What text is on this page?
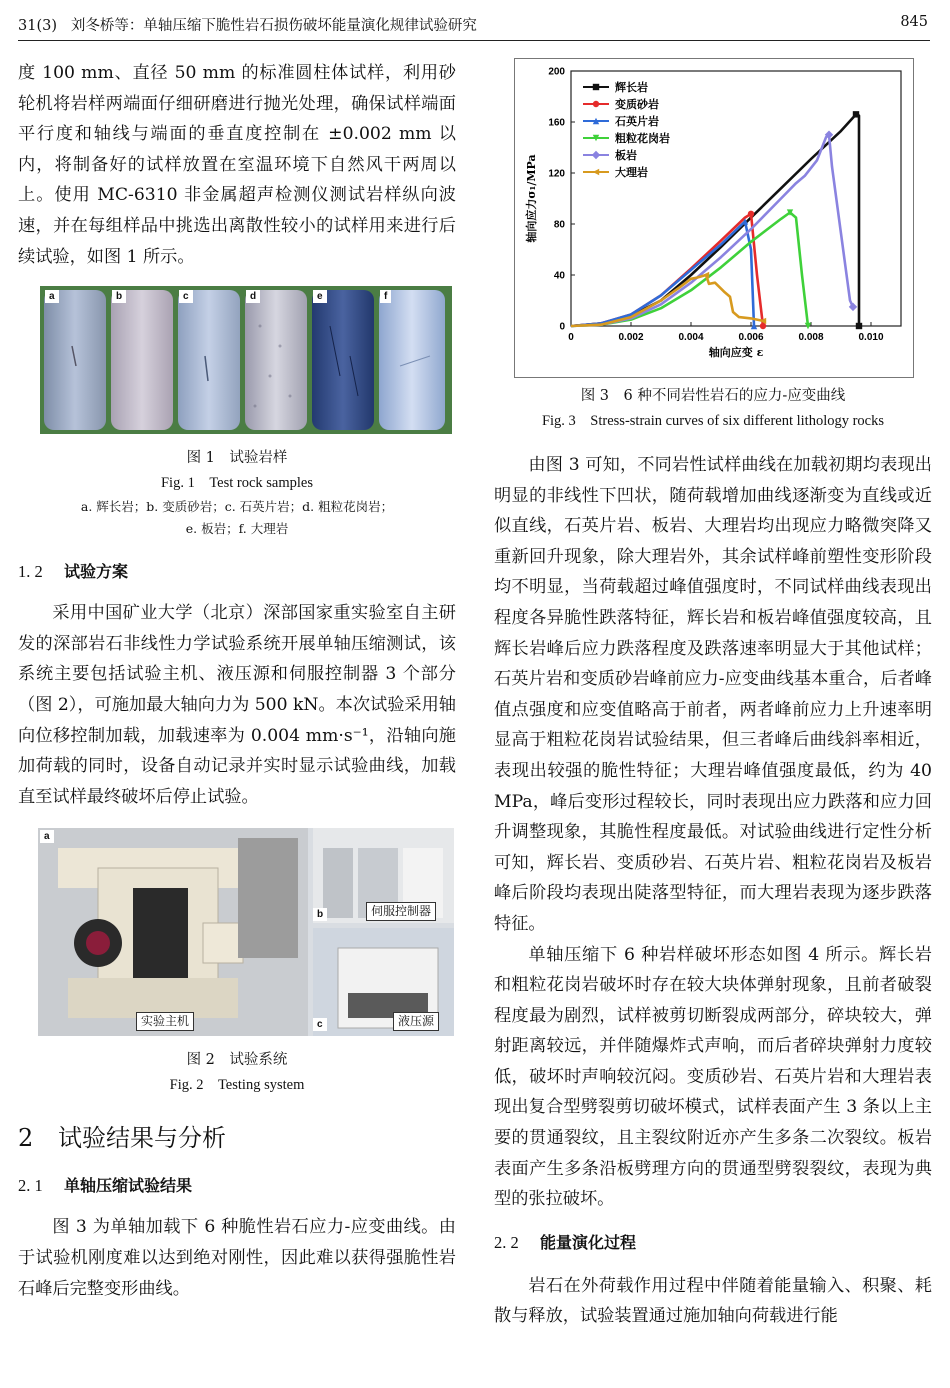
31(3)   刘冬桥等：单轴压缩下脆性岩石损伤破坏能量演化规律试验研究	845

度 100 mm、直径 50 mm 的标准圆柱体试样，利用砂轮机将岩样两端面仔细研磨进行抛光处理，确保试样端面平行度和轴线与端面的垂直度控制在 ±0.002 mm 以内，将制备好的试样放置在室温环境下自然风干两周以上。使用 MC-6310 非金属超声检测仪测试岩样纵向波速，并在每组样品中挑选出离散性较小的试样用来进行后续试验，如图 1 所示。

a	b	c	d	e	f
图 1　试验岩样
Fig. 1　Test rock samples
a. 辉长岩；b. 变质砂岩；c. 石英片岩；d. 粗粒花岗岩；
e. 板岩；f. 大理岩
1. 2 试验方案

采用中国矿业大学（北京）深部国家重实验室自主研发的深部岩石非线性力学试验系统开展单轴压缩测试，该系统主要包括试验主机、液压源和伺服控制器 3 个部分（图 2），可施加最大轴向力为 500 kN。本次试验采用轴向位移控制加载，加载速率为 0.004 mm·s⁻¹，沿轴向施加荷载的同时，设备自动记录并实时显示试验曲线，加载直至试样最终破坏后停止试验。

a
b
c
实验主机
伺服控制器
液压源
图 2　试验系统
Fig. 2　Testing system
2 试验结果与分析
2. 1 单轴压缩试验结果

图 3 为单轴加载下 6 种脆性岩石应力-应变曲线。由于试验机刚度难以达到绝对刚性，因此难以获得强脆性岩石峰后完整变形曲线。

0	0.002	0.004	0.006	0.008	0.010
0
40
80
120
160
200
轴向应变 ε
轴向应力σ₁/MPa
辉长岩
变质砂岩
石英片岩
粗粒花岗岩
板岩
大理岩
图 3　6 种不同岩性岩石的应力-应变曲线
Fig. 3　Stress-strain curves of six different lithology rocks

由图 3 可知，不同岩性试样曲线在加载初期均表现出明显的非线性下凹状，随荷载增加曲线逐渐变为直线或近似直线，石英片岩、板岩、大理岩均出现应力略微突降又重新回升现象，除大理岩外，其余试样峰前塑性变形阶段均不明显，当荷载超过峰值强度时，不同试样曲线表现出程度各异脆性跌落特征，辉长岩和板岩峰值强度较高，且辉长岩峰后应力跌落程度及跌落速率明显大于其他试样；石英片岩和变质砂岩峰前应力-应变曲线基本重合，后者峰值点强度和应变值略高于前者，两者峰前应力上升速率明显高于粗粒花岗岩试验结果，但三者峰后曲线斜率相近，表现出较强的脆性特征；大理岩峰值强度最低，约为 40 MPa，峰后变形过程较长，同时表现出应力跌落和应力回升调整现象，其脆性程度最低。对试验曲线进行定性分析可知，辉长岩、变质砂岩、石英片岩、粗粒花岗岩及板岩峰后阶段均表现出陡落型特征，而大理岩表现为逐步跌落特征。

单轴压缩下 6 种岩样破坏形态如图 4 所示。辉长岩和粗粒花岗岩破坏时存在较大块体弹射现象，且前者破裂程度最为剧烈，试样被剪切断裂成两部分，碎块较大，弹射距离较远，并伴随爆炸式声响，而后者碎块弹射力度较低，破坏时声响较沉闷。变质砂岩、石英片岩和大理岩表现出复合型劈裂剪切破坏模式，试样表面产生 3 条以上主要的贯通裂纹，且主裂纹附近亦产生多条二次裂纹。板岩表面产生多条沿板劈理方向的贯通型劈裂裂纹，表现为典型的张拉破坏。

2. 2 能量演化过程

岩石在外荷载作用过程中伴随着能量输入、积聚、耗散与释放，试验装置通过施加轴向荷载进行能
